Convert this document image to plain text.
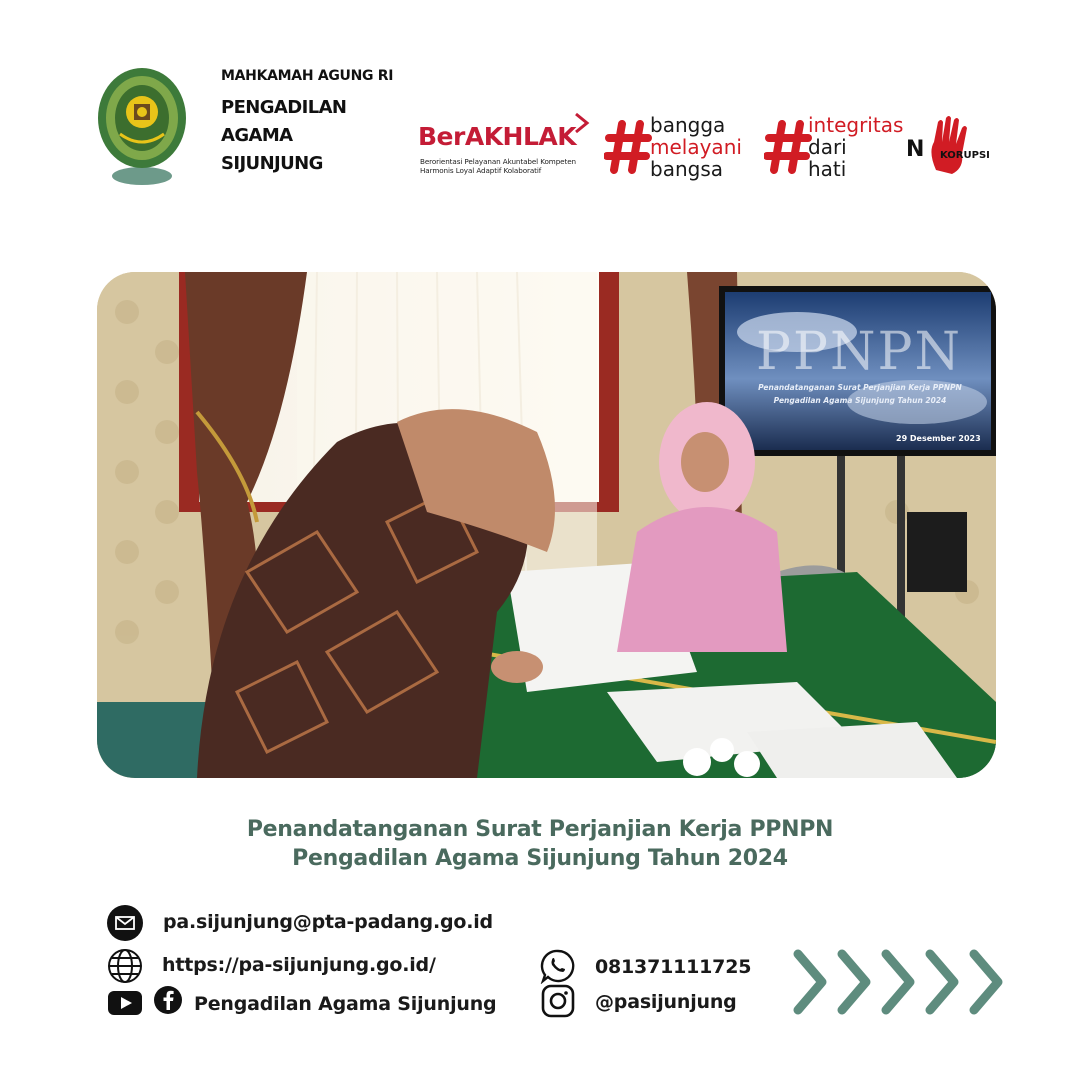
MAHKAMAH AGUNG RI
PENGADILAN
AGAMA
SIJUNJUNG
BerAKHLAK
Berorientasi Pelayanan Akuntabel Kompeten
Harmonis Loyal Adaptif Kolaboratif
bangga
melayani
bangsa
integritas
dari
hati
N KORUPSI
PPNPN
Penandatanganan Surat Perjanjian Kerja PPNPN
Pengadilan Agama Sijunjung Tahun 2024
29 Desember 2023
Penandatanganan Surat Perjanjian Kerja PPNPN
Pengadilan Agama Sijunjung Tahun 2024
pa.sijunjung@pta-padang.go.id
https://pa-sijunjung.go.id/
Pengadilan Agama Sijunjung
081371111725
@pasijunjung
